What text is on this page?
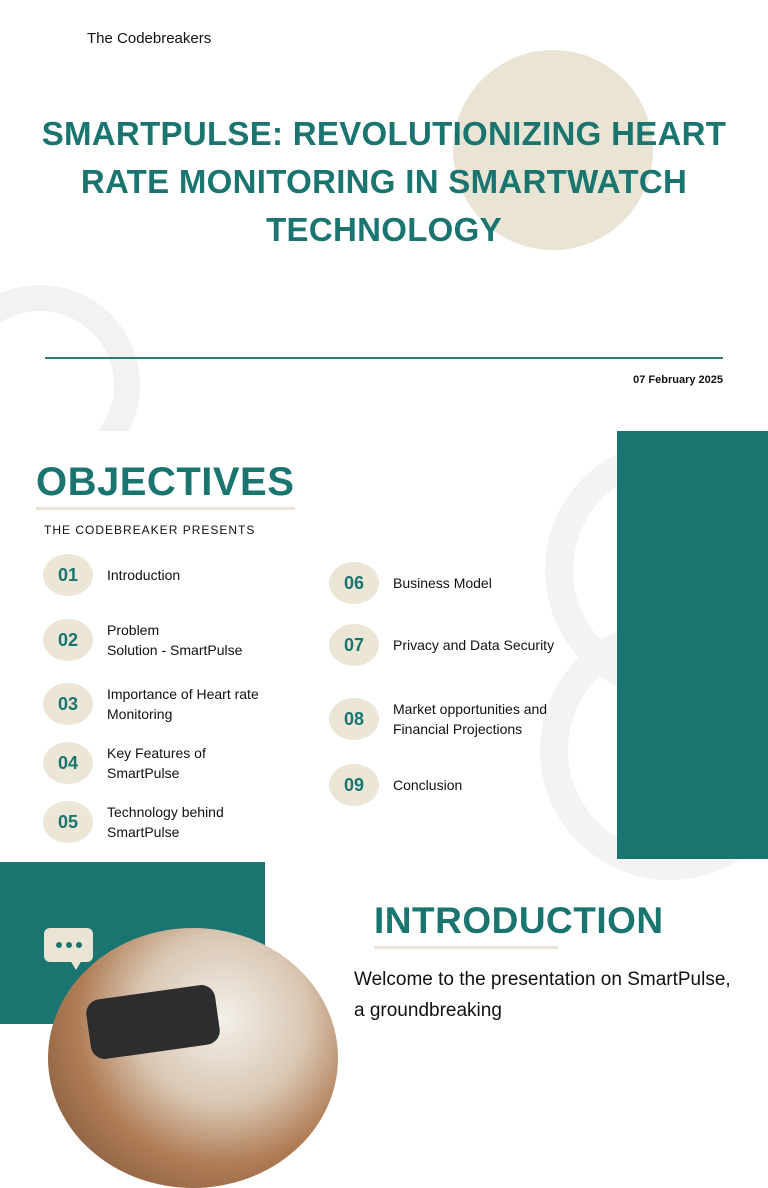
The Codebreakers
SMARTPULSE: REVOLUTIONIZING HEART RATE MONITORING IN SMARTWATCH TECHNOLOGY
07 February 2025
OBJECTIVES
THE CODEBREAKER PRESENTS
01	Introduction
02	Problem
Solution - SmartPulse
03	Importance of Heart rate
Monitoring
04	Key Features of
SmartPulse
05	Technology behind
SmartPulse
06	Business Model
07	Privacy and Data Security
08	Market opportunities and
Financial Projections
09	Conclusion
INTRODUCTION
Welcome to the presentation on SmartPulse, a groundbreaking
